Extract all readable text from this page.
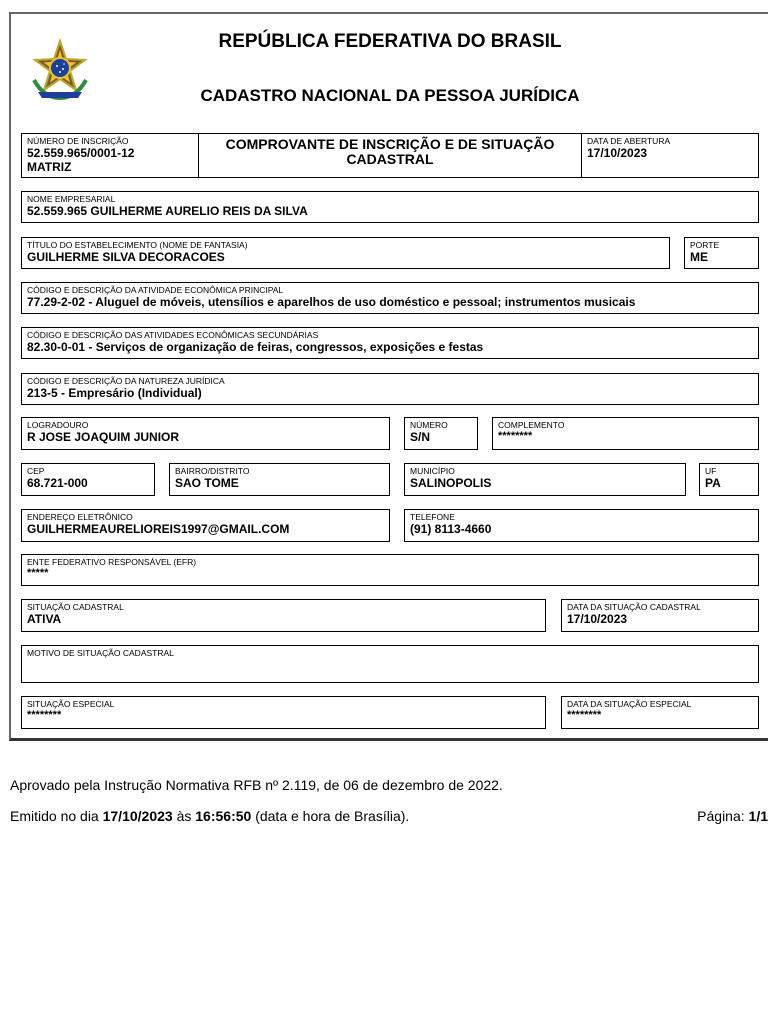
REPÚBLICA FEDERATIVA DO BRASIL
CADASTRO NACIONAL DA PESSOA JURÍDICA
NÚMERO DE INSCRIÇÃO
52.559.965/0001-12
MATRIZ
COMPROVANTE DE INSCRIÇÃO E DE SITUAÇÃO
CADASTRAL
DATA DE ABERTURA
17/10/2023
NOME EMPRESARIAL
52.559.965 GUILHERME AURELIO REIS DA SILVA
TÍTULO DO ESTABELECIMENTO (NOME DE FANTASIA)
GUILHERME SILVA DECORACOES
PORTE
ME
CÓDIGO E DESCRIÇÃO DA ATIVIDADE ECONÔMICA PRINCIPAL
77.29-2-02 - Aluguel de móveis, utensílios e aparelhos de uso doméstico e pessoal; instrumentos musicais
CÓDIGO E DESCRIÇÃO DAS ATIVIDADES ECONÔMICAS SECUNDÁRIAS
82.30-0-01 - Serviços de organização de feiras, congressos, exposições e festas
CÓDIGO E DESCRIÇÃO DA NATUREZA JURÍDICA
213-5 - Empresário (Individual)
LOGRADOURO
R JOSE JOAQUIM JUNIOR
NÚMERO
S/N
COMPLEMENTO
********
CEP
68.721-000
BAIRRO/DISTRITO
SAO TOME
MUNICÍPIO
SALINOPOLIS
UF
PA
ENDEREÇO ELETRÔNICO
GUILHERMEAURELIOREIS1997@GMAIL.COM
TELEFONE
(91) 8113-4660
ENTE FEDERATIVO RESPONSÁVEL (EFR)
*****
SITUAÇÃO CADASTRAL
ATIVA
DATA DA SITUAÇÃO CADASTRAL
17/10/2023
MOTIVO DE SITUAÇÃO CADASTRAL
SITUAÇÃO ESPECIAL
********
DATA DA SITUAÇÃO ESPECIAL
********
Aprovado pela Instrução Normativa RFB nº 2.119, de 06 de dezembro de 2022.
Emitido no dia 17/10/2023 às 16:56:50 (data e hora de Brasília).	Página: 1/1
